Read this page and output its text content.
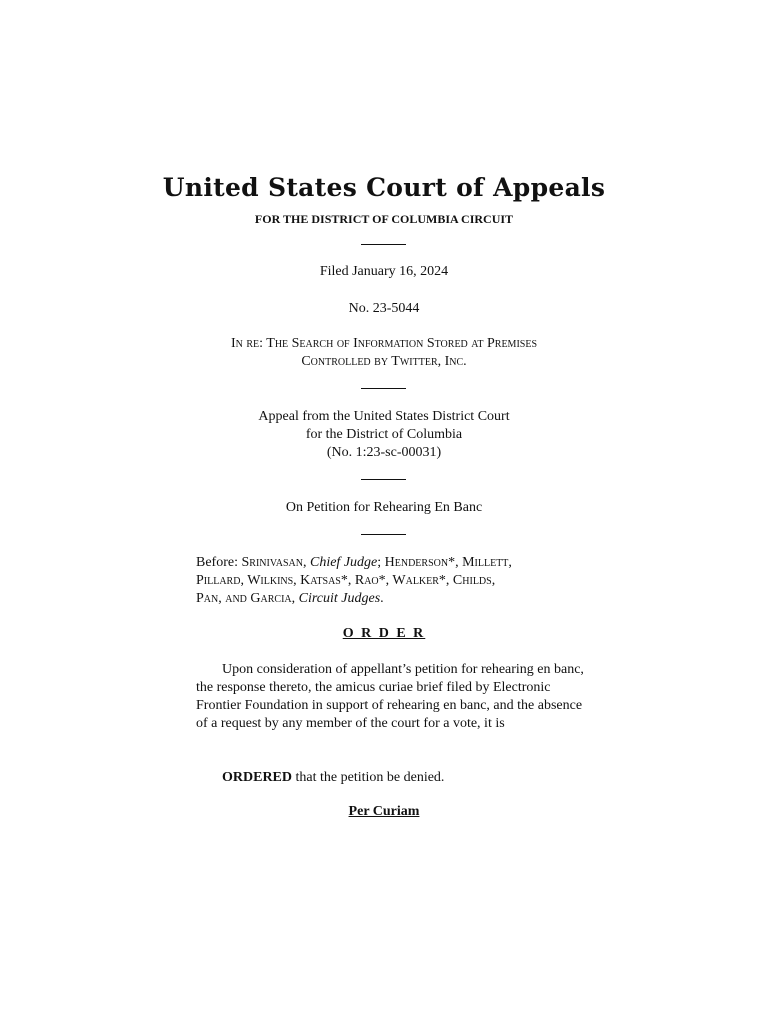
United States Court of Appeals
FOR THE DISTRICT OF COLUMBIA CIRCUIT
Filed January 16, 2024
No. 23-5044
In re: The Search of Information Stored at Premises
Controlled by Twitter, Inc.
Appeal from the United States District Court
for the District of Columbia
(No. 1:23-sc-00031)
On Petition for Rehearing En Banc
Before: Srinivasan, Chief Judge; Henderson*, Millett,
Pillard, Wilkins, Katsas*, Rao*, Walker*, Childs,
Pan, and Garcia, Circuit Judges.
O R D E R
Upon consideration of appellant’s petition for rehearing en banc, the response thereto, the amicus curiae brief filed by Electronic Frontier Foundation in support of rehearing en banc, and the absence of a request by any member of the court for a vote, it is
ORDERED that the petition be denied.
Per Curiam
